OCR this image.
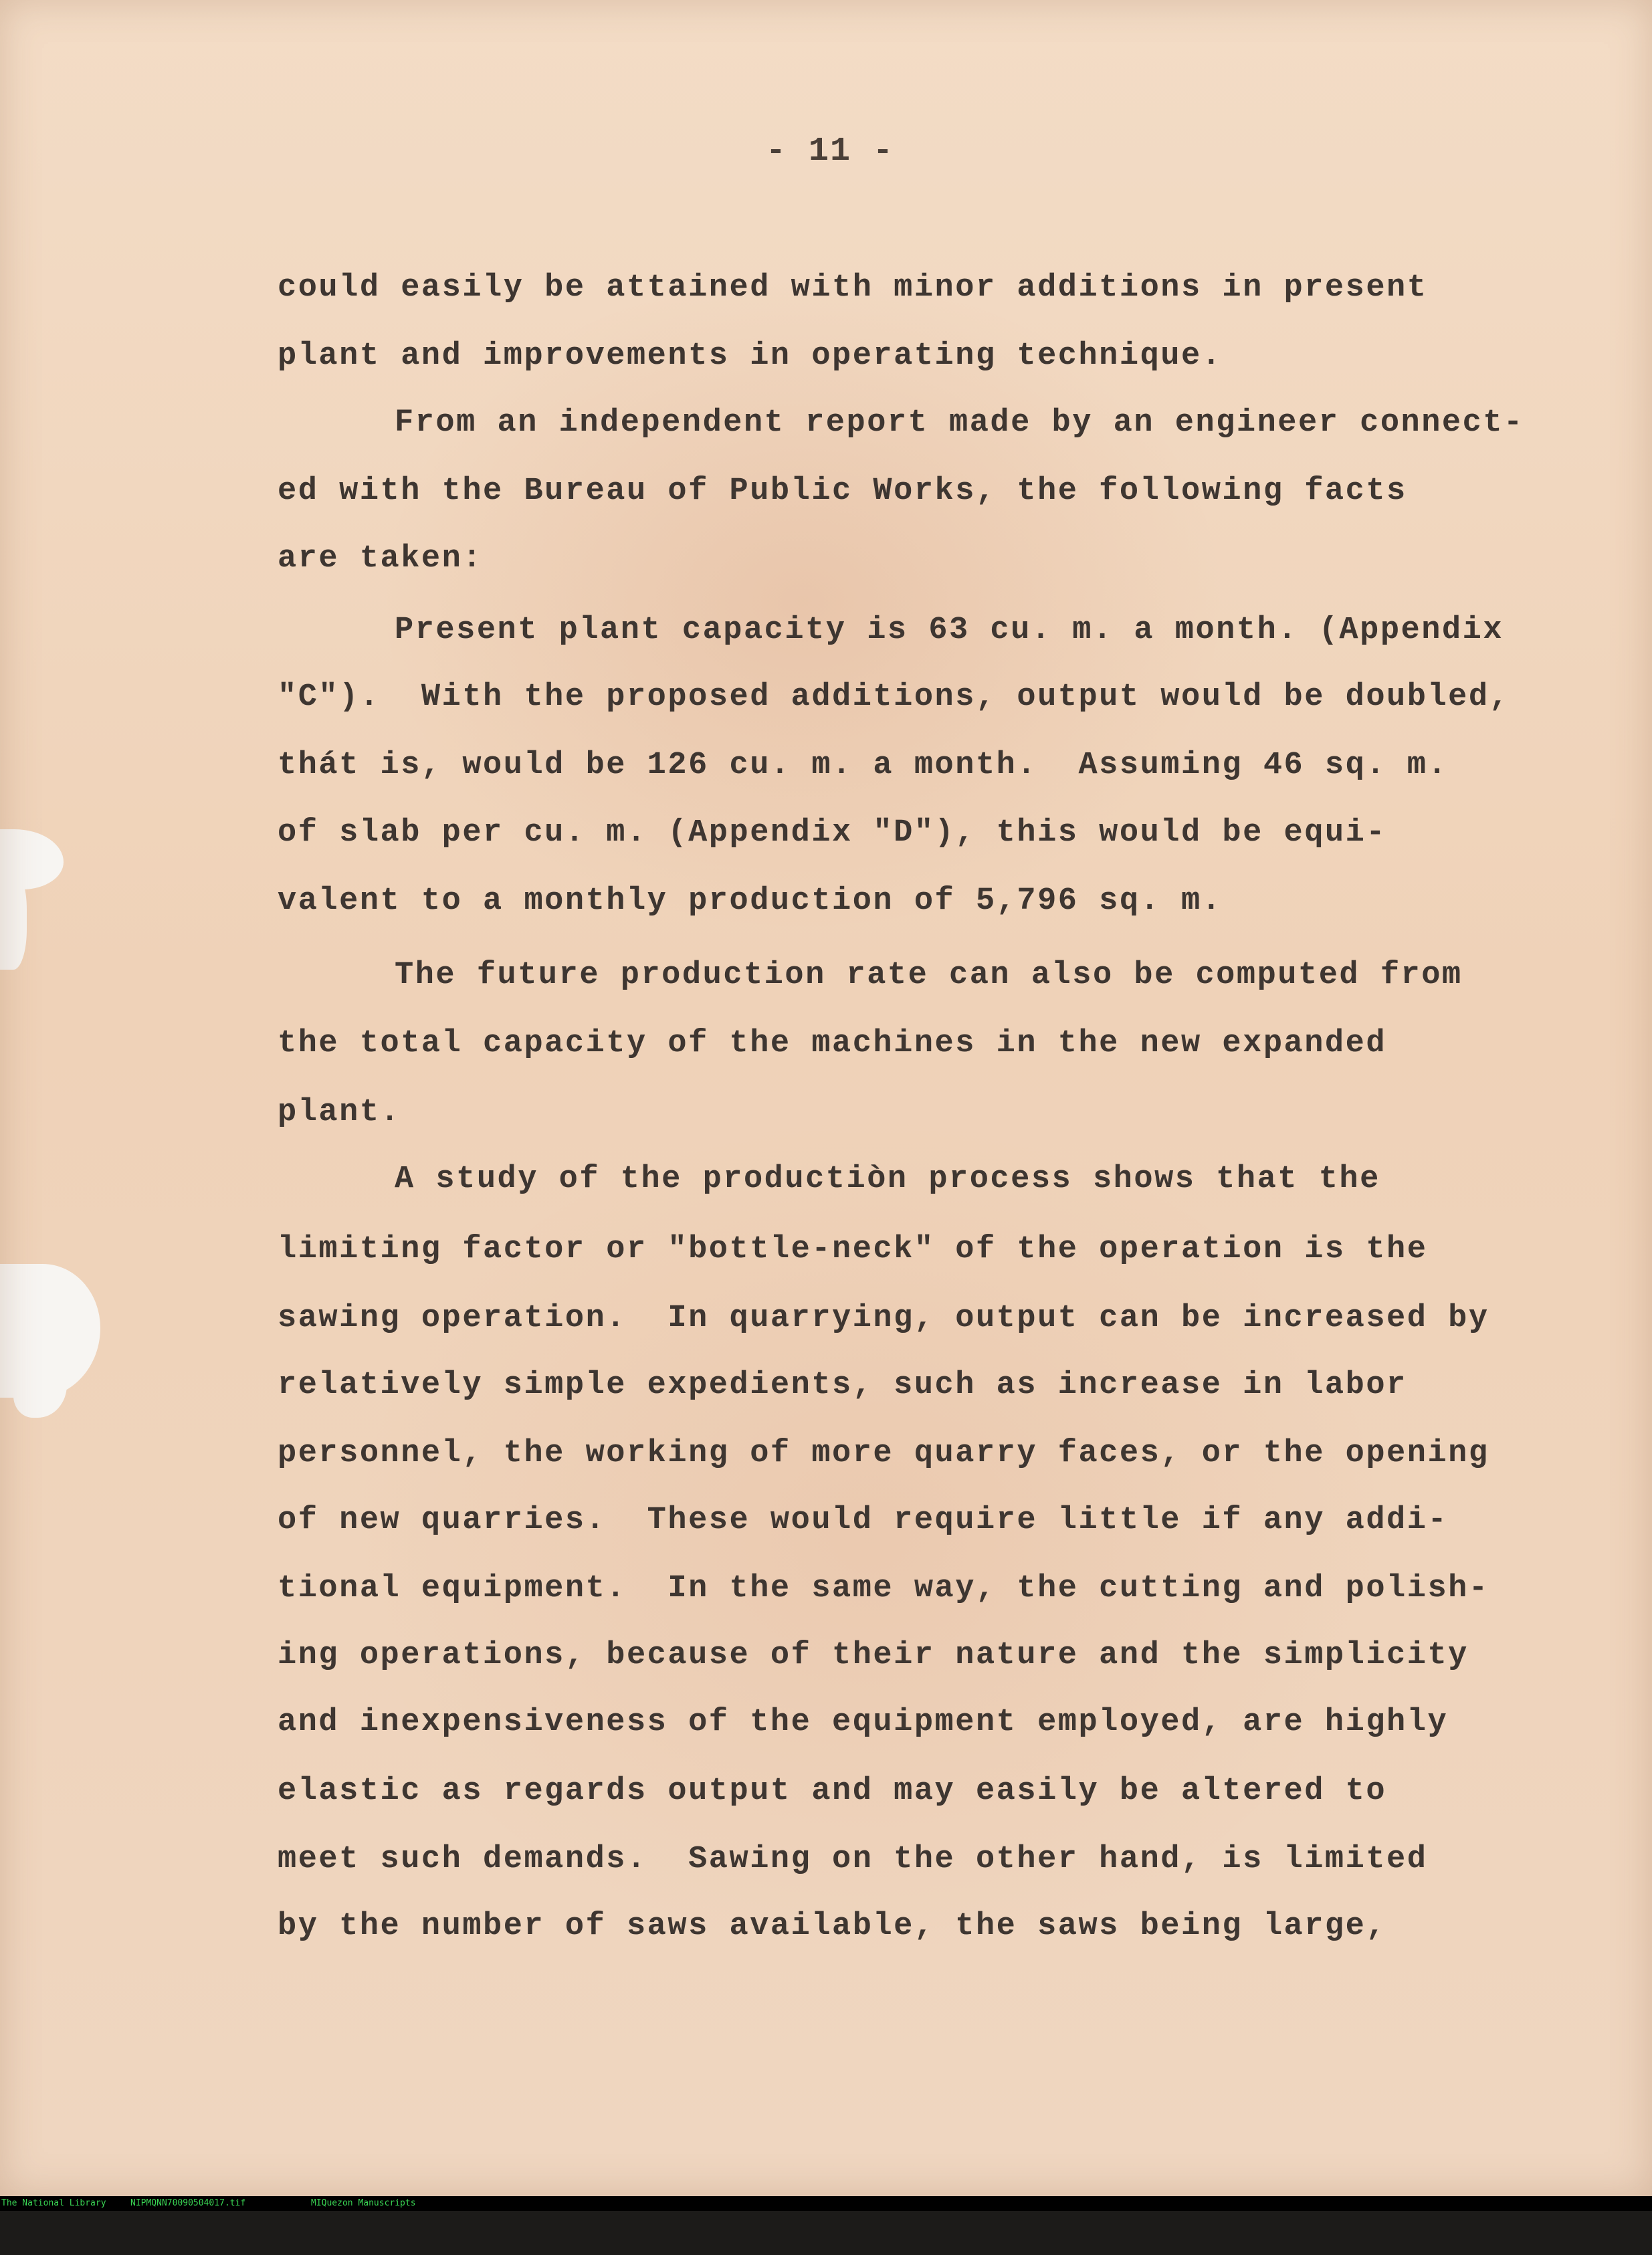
- 11 -
could easily be attained with minor additions in present
plant and improvements in operating technique.
From an independent report made by an engineer connect-
ed with the Bureau of Public Works, the following facts
are taken:
Present plant capacity is 63 cu. m. a month. (Appendix
"C").  With the proposed additions, output would be doubled,
thát is, would be 126 cu. m. a month.  Assuming 46 sq. m.
of slab per cu. m. (Appendix "D"), this would be equi-
valent to a monthly production of 5,796 sq. m.
The future production rate can also be computed from
the total capacity of the machines in the new expanded
plant.
A study of the productiòn process shows that the
limiting factor or "bottle-neck" of the operation is the
sawing operation.  In quarrying, output can be increased by
relatively simple expedients, such as increase in labor
personnel, the working of more quarry faces, or the opening
of new quarries.  These would require little if any addi-
tional equipment.  In the same way, the cutting and polish-
ing operations, because of their nature and the simplicity
and inexpensiveness of the equipment employed, are highly
elastic as regards output and may easily be altered to
meet such demands.  Sawing on the other hand, is limited
by the number of saws available, the saws being large,

The National Library

	NIPMQNN70090504017.tif

	MIQuezon Manuscripts
